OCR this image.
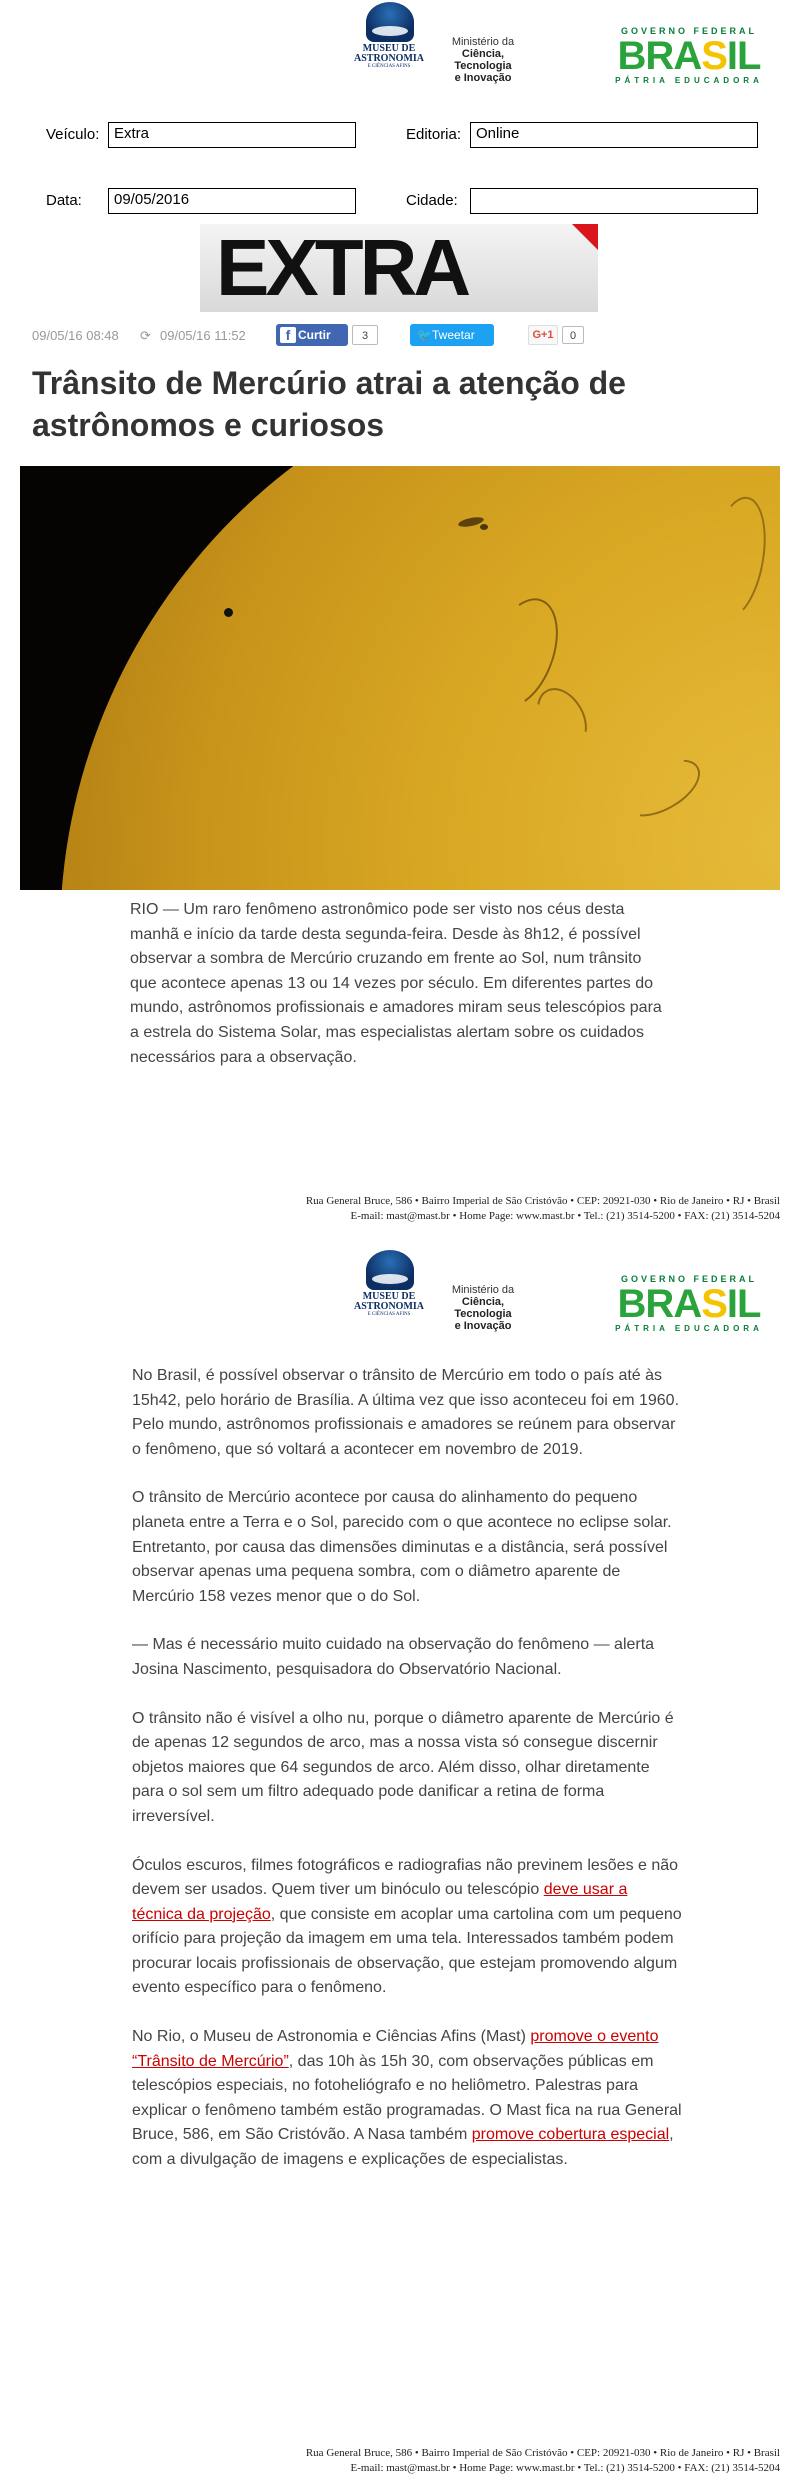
MUSEU DE ASTRONOMIA
E CIÊNCIAS AFINS
Ministério da
Ciência, Tecnologia
e Inovação
GOVERNO FEDERAL
BRASIL
PÁTRIA EDUCADORA
Veículo: Extra	Editoria: Online
Data:	09/05/2016	Cidade:
EXTRA
09/05/16 08:48 ⟳ 09/05/16 11:52	f Curtir	3	🐦 Tweetar	G+1	0
Trânsito de Mercúrio atrai a atenção de astrônomos e curiosos
RIO — Um raro fenômeno astronômico pode ser visto nos céus desta manhã e início da tarde desta segunda-feira. Desde às 8h12, é possível observar a sombra de Mercúrio cruzando em frente ao Sol, num trânsito que acontece apenas 13 ou 14 vezes por século. Em diferentes partes do mundo, astrônomos profissionais e amadores miram seus telescópios para a estrela do Sistema Solar, mas especialistas alertam sobre os cuidados necessários para a observação.
Rua General Bruce, 586 • Bairro Imperial de São Cristóvão • CEP: 20921-030 • Rio de Janeiro • RJ • Brasil
E-mail: mast@mast.br • Home Page: www.mast.br • Tel.: (21) 3514-5200 • FAX: (21) 3514-5204
MUSEU DE ASTRONOMIA
E CIÊNCIAS AFINS
Ministério da
Ciência, Tecnologia
e Inovação
GOVERNO FEDERAL
BRASIL
PÁTRIA EDUCADORA

No Brasil, é possível observar o trânsito de Mercúrio em todo o país até às 15h42, pelo horário de Brasília. A última vez que isso aconteceu foi em 1960. Pelo mundo, astrônomos profissionais e amadores se reúnem para observar o fenômeno, que só voltará a acontecer em novembro de 2019.

O trânsito de Mercúrio acontece por causa do alinhamento do pequeno planeta entre a Terra e o Sol, parecido com o que acontece no eclipse solar. Entretanto, por causa das dimensões diminutas e a distância, será possível observar apenas uma pequena sombra, com o diâmetro aparente de Mercúrio 158 vezes menor que o do Sol.

— Mas é necessário muito cuidado na observação do fenômeno — alerta Josina Nascimento, pesquisadora do Observatório Nacional.

O trânsito não é visível a olho nu, porque o diâmetro aparente de Mercúrio é de apenas 12 segundos de arco, mas a nossa vista só consegue discernir objetos maiores que 64 segundos de arco. Além disso, olhar diretamente para o sol sem um filtro adequado pode danificar a retina de forma irreversível.

Óculos escuros, filmes fotográficos e radiografias não previnem lesões e não devem ser usados. Quem tiver um binóculo ou telescópio deve usar a técnica da projeção, que consiste em acoplar uma cartolina com um pequeno orifício para projeção da imagem em uma tela. Interessados também podem procurar locais profissionais de observação, que estejam promovendo algum evento específico para o fenômeno.

No Rio, o Museu de Astronomia e Ciências Afins (Mast) promove o evento “Trânsito de Mercúrio”, das 10h às 15h 30, com observações públicas em telescópios especiais, no fotoheliógrafo e no heliômetro. Palestras para explicar o fenômeno também estão programadas. O Mast fica na rua General Bruce, 586, em São Cristóvão. A Nasa também promove cobertura especial, com a divulgação de imagens e explicações de especialistas.

Rua General Bruce, 586 • Bairro Imperial de São Cristóvão • CEP: 20921-030 • Rio de Janeiro • RJ • Brasil
E-mail: mast@mast.br • Home Page: www.mast.br • Tel.: (21) 3514-5200 • FAX: (21) 3514-5204
